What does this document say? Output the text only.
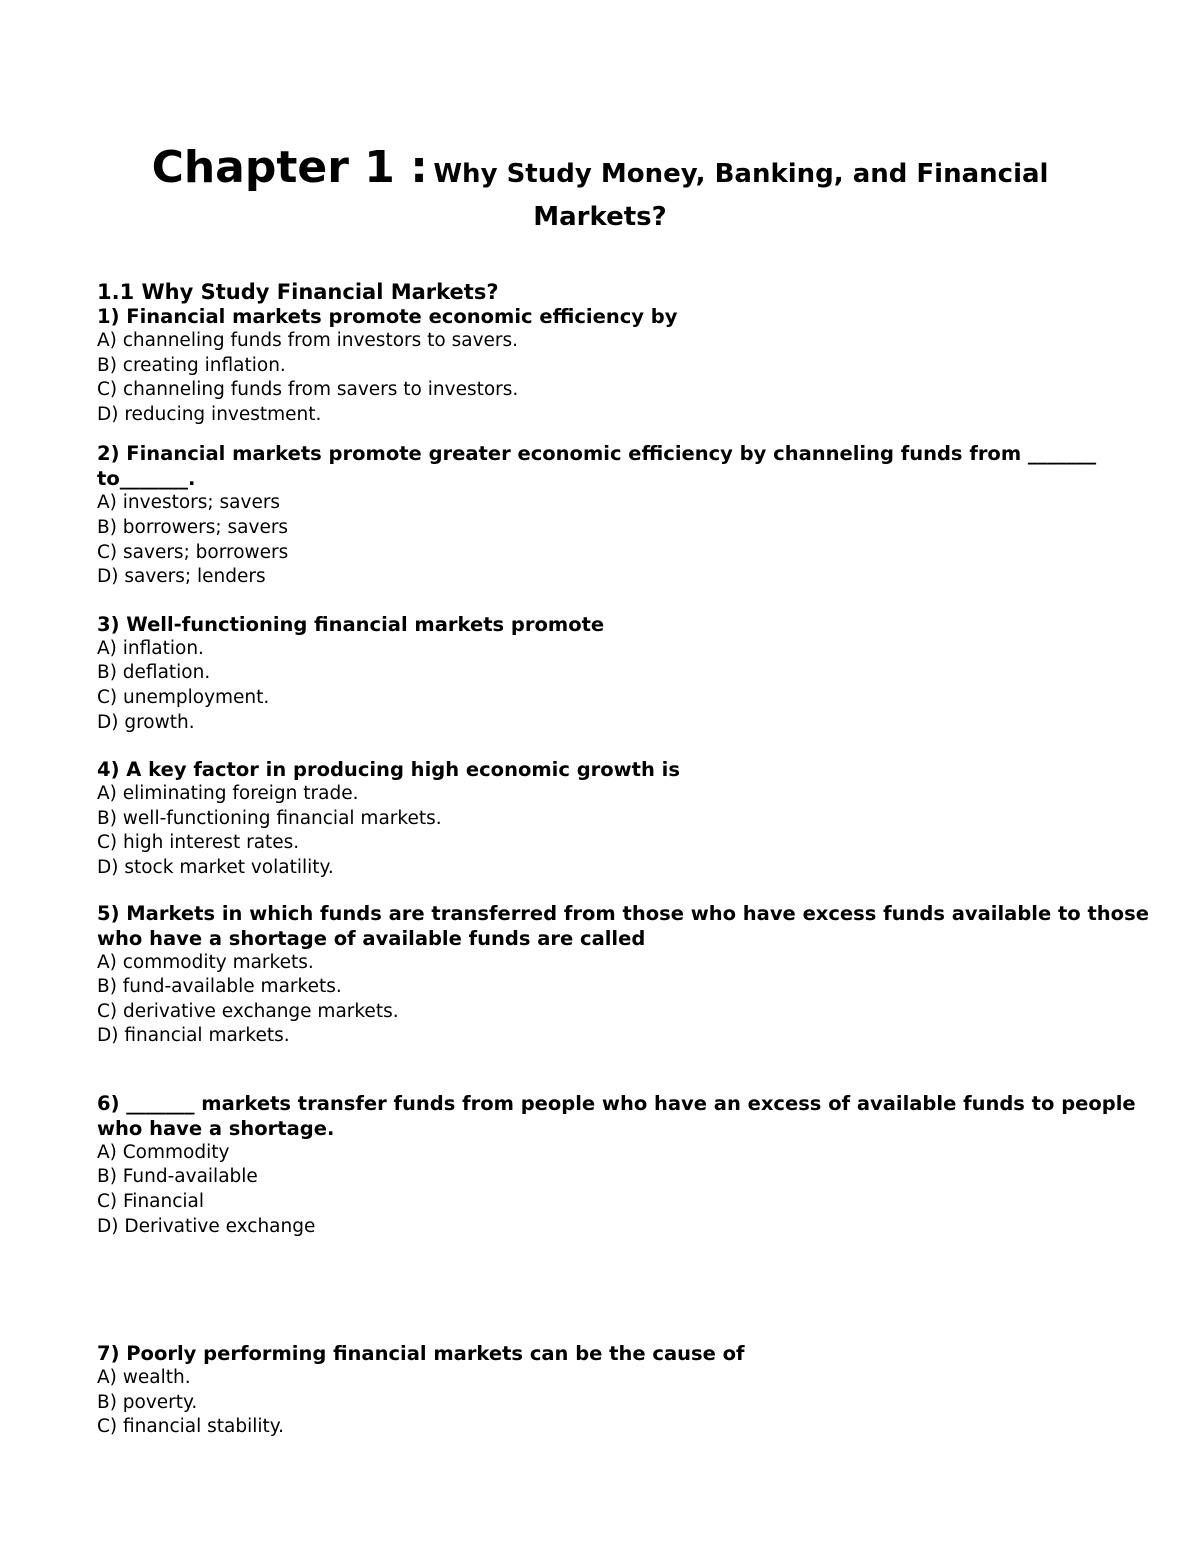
Chapter 1 : Why Study Money, Banking, and Financial
Markets?
1.1 Why Study Financial Markets?
1) Financial markets promote economic efficiency by
A) channeling funds from investors to savers.
B) creating inflation.
C) channeling funds from savers to investors.
D) reducing investment.
2) Financial markets promote greater economic efficiency by channeling funds from _______ to_______.
A) investors; savers
B) borrowers; savers
C) savers; borrowers
D) savers; lenders
3) Well-functioning financial markets promote
A) inflation.
B) deflation.
C) unemployment.
D) growth.
4) A key factor in producing high economic growth is
A) eliminating foreign trade.
B) well-functioning financial markets.
C) high interest rates.
D) stock market volatility.
5) Markets in which funds are transferred from those who have excess funds available to those who have a shortage of available funds are called
A) commodity markets.
B) fund-available markets.
C) derivative exchange markets.
D) financial markets.
6) _______ markets transfer funds from people who have an excess of available funds to people who have a shortage.
A) Commodity
B) Fund-available
C) Financial
D) Derivative exchange
7) Poorly performing financial markets can be the cause of
A) wealth.
B) poverty.
C) financial stability.
